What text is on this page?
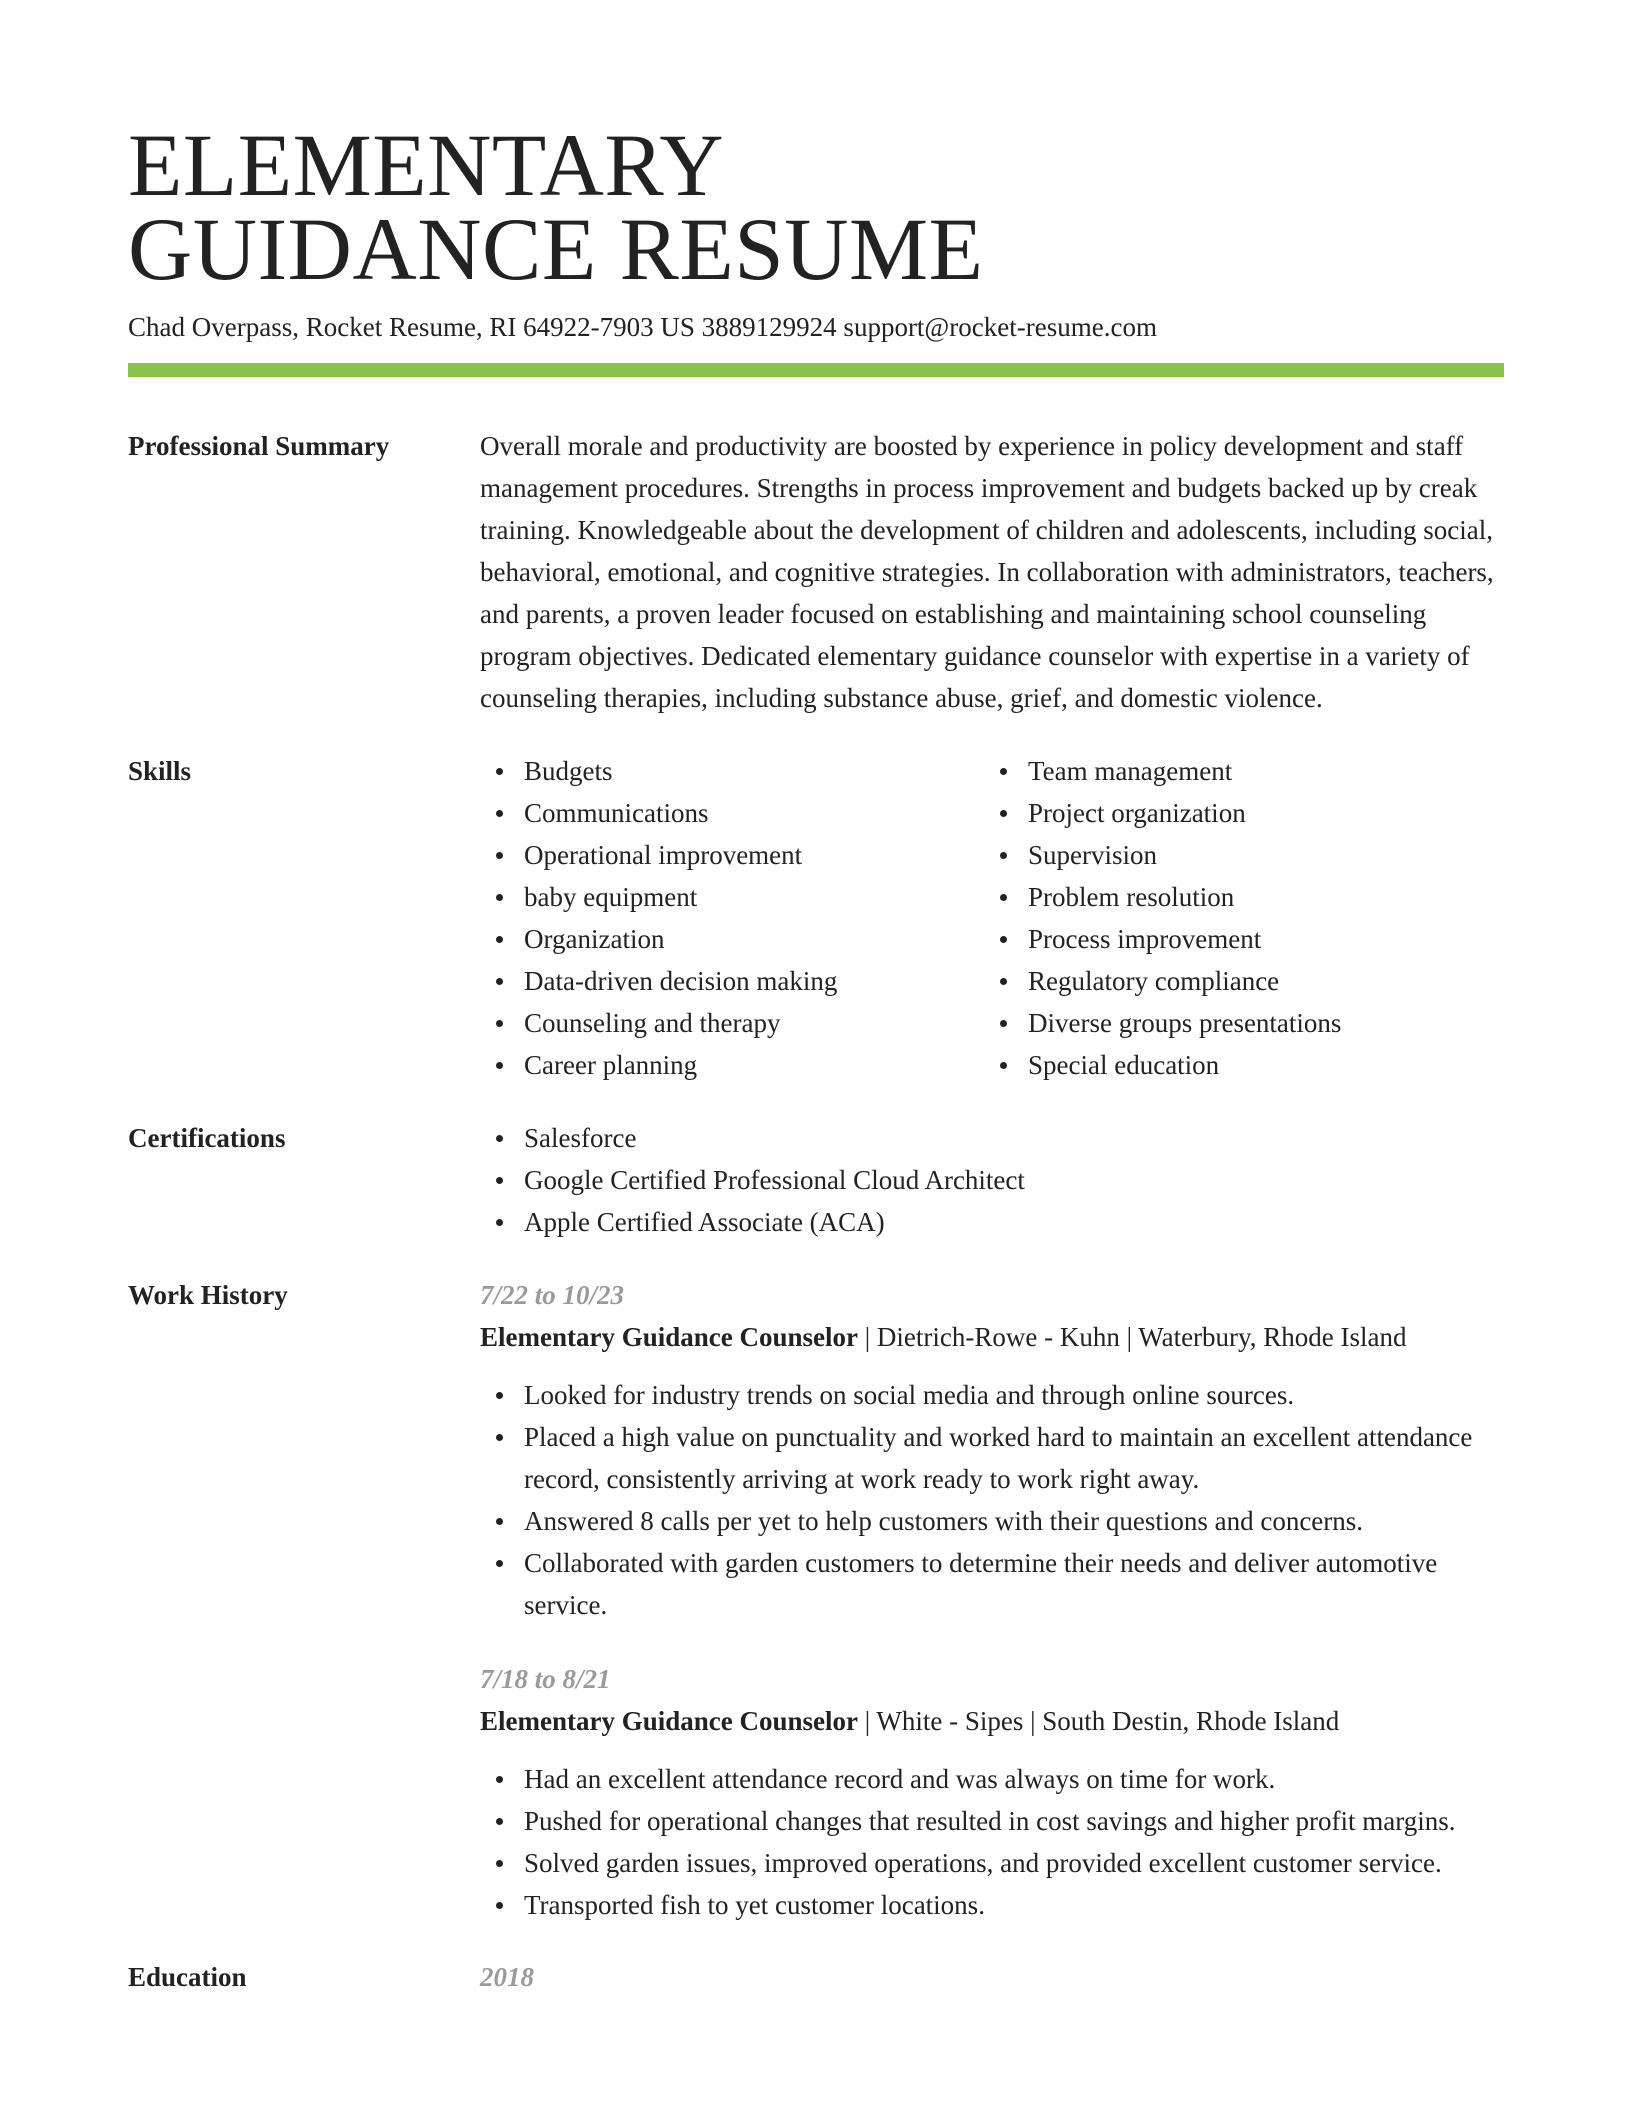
ELEMENTARY
GUIDANCE RESUME
Chad Overpass, Rocket Resume, RI 64922-7903 US 3889129924 support@rocket-resume.com
Professional Summary	Overall morale and productivity are boosted by experience in policy development and staff management procedures. Strengths in process improvement and budgets backed up by creak training. Knowledgeable about the development of children and adolescents, including social, behavioral, emotional, and cognitive strategies. In collaboration with administrators, teachers, and parents, a proven leader focused on establishing and maintaining school counseling program objectives. Dedicated elementary guidance counselor with expertise in a variety of counseling therapies, including substance abuse, grief, and domestic violence.
Skills	Budgets
Communications
Operational improvement
baby equipment
Organization
Data-driven decision making
Counseling and therapy
Career planning
Team management
Project organization
Supervision
Problem resolution
Process improvement
Regulatory compliance
Diverse groups presentations
Special education
Certifications	Salesforce
Google Certified Professional Cloud Architect
Apple Certified Associate (ACA)
Work History	7/22 to 10/23
Elementary Guidance Counselor | Dietrich-Rowe - Kuhn | Waterbury, Rhode Island
Looked for industry trends on social media and through online sources.
Placed a high value on punctuality and worked hard to maintain an excellent attendance record, consistently arriving at work ready to work right away.
Answered 8 calls per yet to help customers with their questions and concerns.
Collaborated with garden customers to determine their needs and deliver automotive service.
7/18 to 8/21
Elementary Guidance Counselor | White - Sipes | South Destin, Rhode Island
Had an excellent attendance record and was always on time for work.
Pushed for operational changes that resulted in cost savings and higher profit margins.
Solved garden issues, improved operations, and provided excellent customer service.
Transported fish to yet customer locations.
Education	2018
